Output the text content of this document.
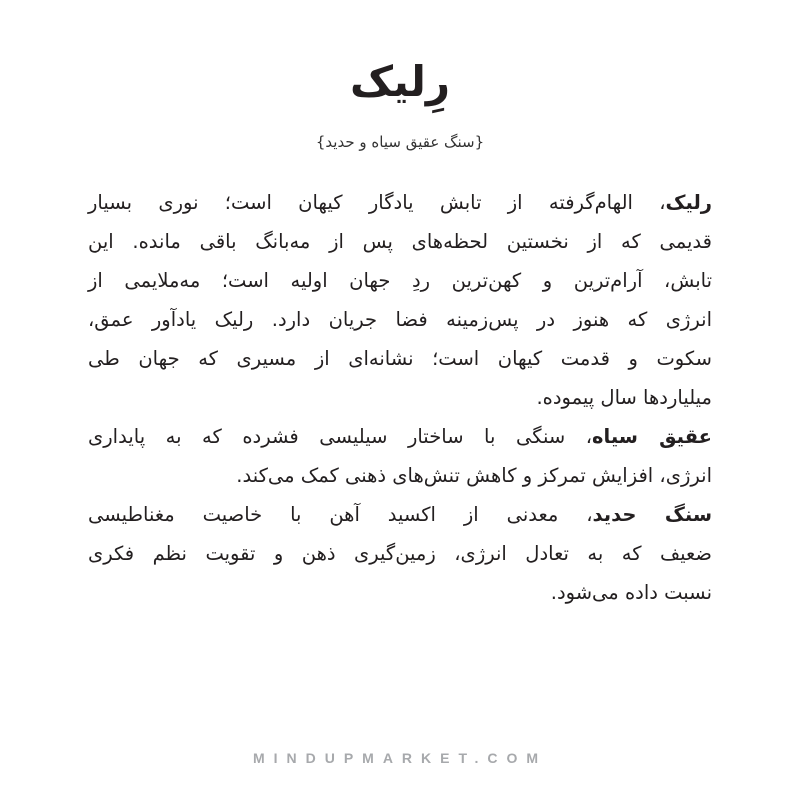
رِلیک
{سنگ عقیق سیاه و حدید}
رلیک، الهام‌گرفته از تابش یادگار کیهان است؛ نوری بسیار
قدیمی که از نخستین لحظه‌های پس از مه‌بانگ باقی مانده. این
تابش، آرام‌ترین و کهن‌ترین ردِ جهان اولیه است؛ مه‌ملایمی از
انرژی که هنوز در پس‌زمینه فضا جریان دارد. رلیک یادآور عمق،
سکوت و قدمت کیهان است؛ نشانه‌ای از مسیری که جهان طی
میلیاردها سال پیموده.
عقیق سیاه، سنگی با ساختار سیلیسی فشرده که به پایداری
انرژی، افزایش تمرکز و کاهش تنش‌های ذهنی کمک می‌کند.
سنگ حدید، معدنی از اکسید آهن با خاصیت مغناطیسی
ضعیف که به تعادل انرژی، زمین‌گیری ذهن و تقویت نظم فکری
نسبت داده می‌شود.
MINDUPMARKET.COM
